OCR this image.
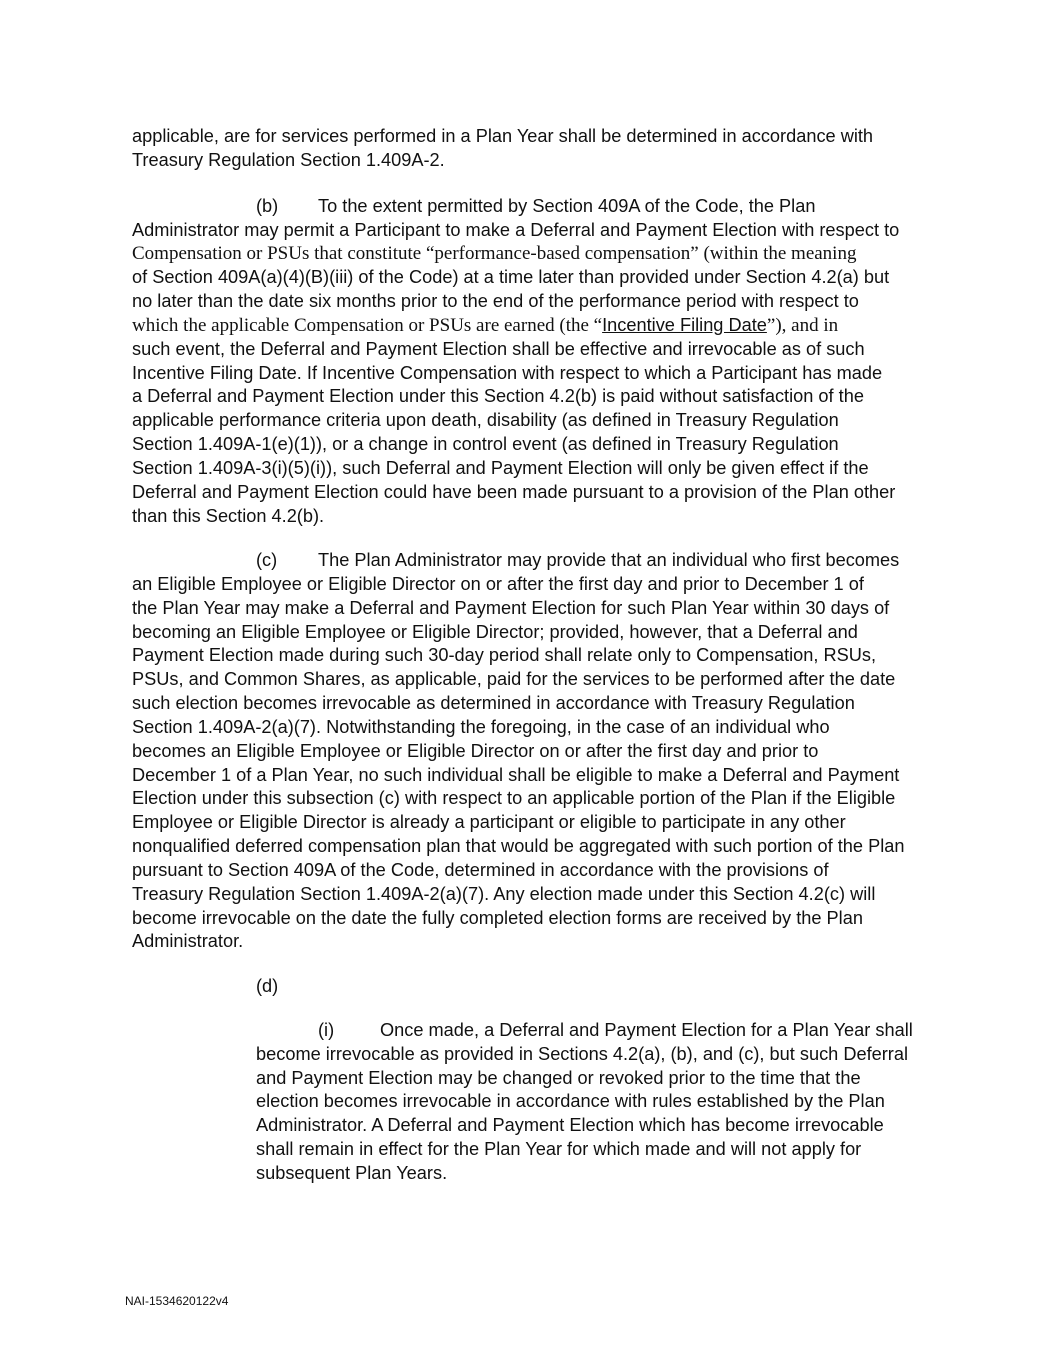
applicable, are for services performed in a Plan Year shall be determined in accordance with

Treasury Regulation Section 1.409A-2.

(b) To the extent permitted by Section 409A of the Code, the Plan

Administrator may permit a Participant to make a Deferral and Payment Election with respect to

Compensation or PSUs that constitute “performance-based compensation” (within the meaning

of Section 409A(a)(4)(B)(iii) of the Code) at a time later than provided under Section 4.2(a) but

no later than the date six months prior to the end of the performance period with respect to

which the applicable Compensation or PSUs are earned (the “Incentive Filing Date”), and in

such event, the Deferral and Payment Election shall be effective and irrevocable as of such

Incentive Filing Date. If Incentive Compensation with respect to which a Participant has made

a Deferral and Payment Election under this Section 4.2(b) is paid without satisfaction of the

applicable performance criteria upon death, disability (as defined in Treasury Regulation

Section 1.409A-1(e)(1)), or a change in control event (as defined in Treasury Regulation

Section 1.409A-3(i)(5)(i)), such Deferral and Payment Election will only be given effect if the

Deferral and Payment Election could have been made pursuant to a provision of the Plan other

than this Section 4.2(b).

(c) The Plan Administrator may provide that an individual who first becomes

an Eligible Employee or Eligible Director on or after the first day and prior to December 1 of

the Plan Year may make a Deferral and Payment Election for such Plan Year within 30 days of

becoming an Eligible Employee or Eligible Director; provided, however, that a Deferral and

Payment Election made during such 30-day period shall relate only to Compensation, RSUs,

PSUs, and Common Shares, as applicable, paid for the services to be performed after the date

such election becomes irrevocable as determined in accordance with Treasury Regulation

Section 1.409A-2(a)(7). Notwithstanding the foregoing, in the case of an individual who

becomes an Eligible Employee or Eligible Director on or after the first day and prior to

December 1 of a Plan Year, no such individual shall be eligible to make a Deferral and Payment

Election under this subsection (c) with respect to an applicable portion of the Plan if the Eligible

Employee or Eligible Director is already a participant or eligible to participate in any other

nonqualified deferred compensation plan that would be aggregated with such portion of the Plan

pursuant to Section 409A of the Code, determined in accordance with the provisions of

Treasury Regulation Section 1.409A-2(a)(7). Any election made under this Section 4.2(c) will

become irrevocable on the date the fully completed election forms are received by the Plan

Administrator.

(d)

(i)	Once made, a Deferral and Payment Election for a Plan Year shall

become irrevocable as provided in Sections 4.2(a), (b), and (c), but such Deferral

and Payment Election may be changed or revoked prior to the time that the

election becomes irrevocable in accordance with rules established by the Plan

Administrator. A Deferral and Payment Election which has become irrevocable

shall remain in effect for the Plan Year for which made and will not apply for

subsequent Plan Years.

NAI-1534620122v4
